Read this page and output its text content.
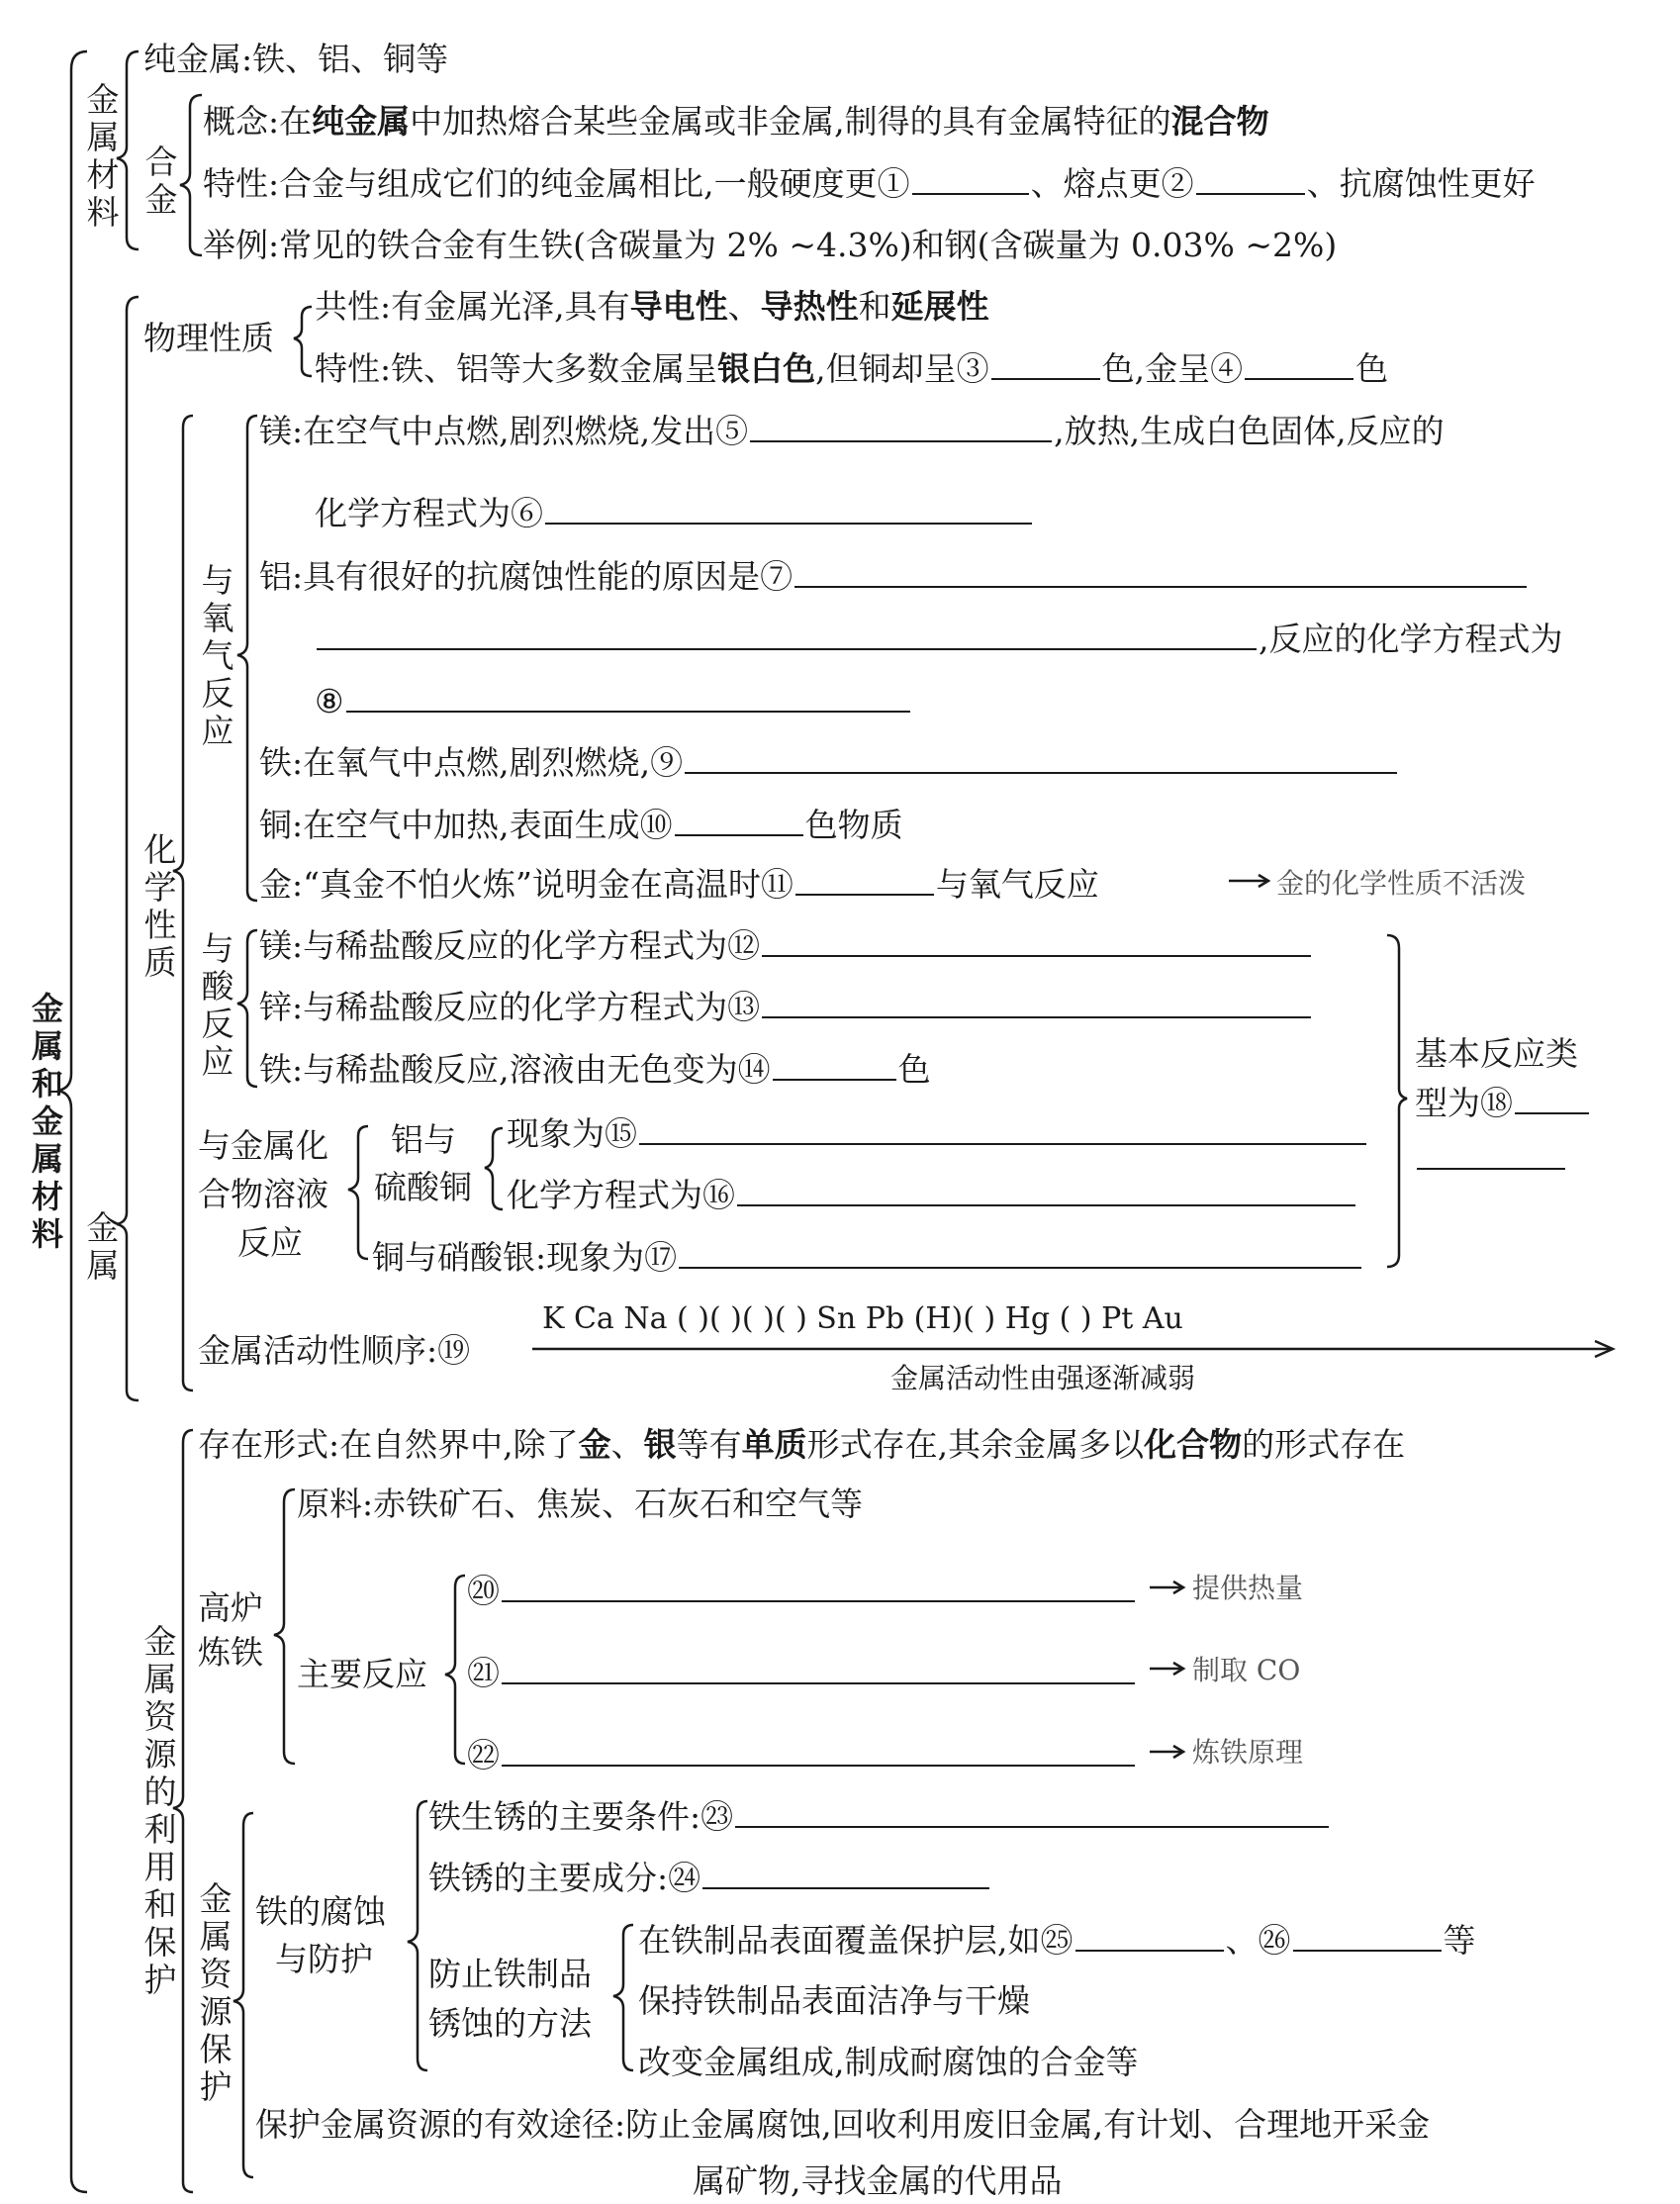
金属和金属材料
金属材料
纯金属:铁、铝、铜等
合金
概念:在纯金属中加热熔合某些金属或非金属,制得的具有金属特征的混合物
特性:合金与组成它们的纯金属相比,一般硬度更①	、熔点更②	、抗腐蚀性更好
举例:常见的铁合金有生铁(含碳量为 2% ~4.3%)和钢(含碳量为 0.03% ~2%)
物理性质
共性:有金属光泽,具有导电性、导热性和延展性
特性:铁、铝等大多数金属呈银白色,但铜却呈③	色,金呈④	色
金属
化学性质
与氧气反应
镁:在空气中点燃,剧烈燃烧,发出⑤	,放热,生成白色固体,反应的
化学方程式为⑥
铝:具有很好的抗腐蚀性能的原因是⑦
,反应的化学方程式为
⑧
铁:在氧气中点燃,剧烈燃烧,⑨
铜:在空气中加热,表面生成⑩	色物质
金:“真金不怕火炼”说明金在高温时⑪	与氧气反应	金的化学性质不活泼
与酸反应
镁:与稀盐酸反应的化学方程式为⑫
锌:与稀盐酸反应的化学方程式为⑬
铁:与稀盐酸反应,溶液由无色变为⑭	色
与金属化
合物溶液
反应
铝与
硫酸铜
现象为⑮
化学方程式为⑯
铜与硝酸银:现象为⑰
基本反应类
型为⑱
K Ca Na ( )( )( )( ) Sn Pb (H)( ) Hg ( ) Pt Au
金属活动性顺序:⑲
金属活动性由强逐渐减弱
金属资源的利用和保护
存在形式:在自然界中,除了金、银等有单质形式存在,其余金属多以化合物的形式存在
高炉
炼铁
原料:赤铁矿石、焦炭、石灰石和空气等
主要反应
⑳
㉑
㉒
提供热量
制取 CO
炼铁原理
金属资源保护
铁的腐蚀
与防护
铁生锈的主要条件:㉓
铁锈的主要成分:㉔
防止铁制品
锈蚀的方法
在铁制品表面覆盖保护层,如㉕	、㉖	等
保持铁制品表面洁净与干燥
改变金属组成,制成耐腐蚀的合金等
保护金属资源的有效途径:防止金属腐蚀,回收利用废旧金属,有计划、合理地开采金
属矿物,寻找金属的代用品
